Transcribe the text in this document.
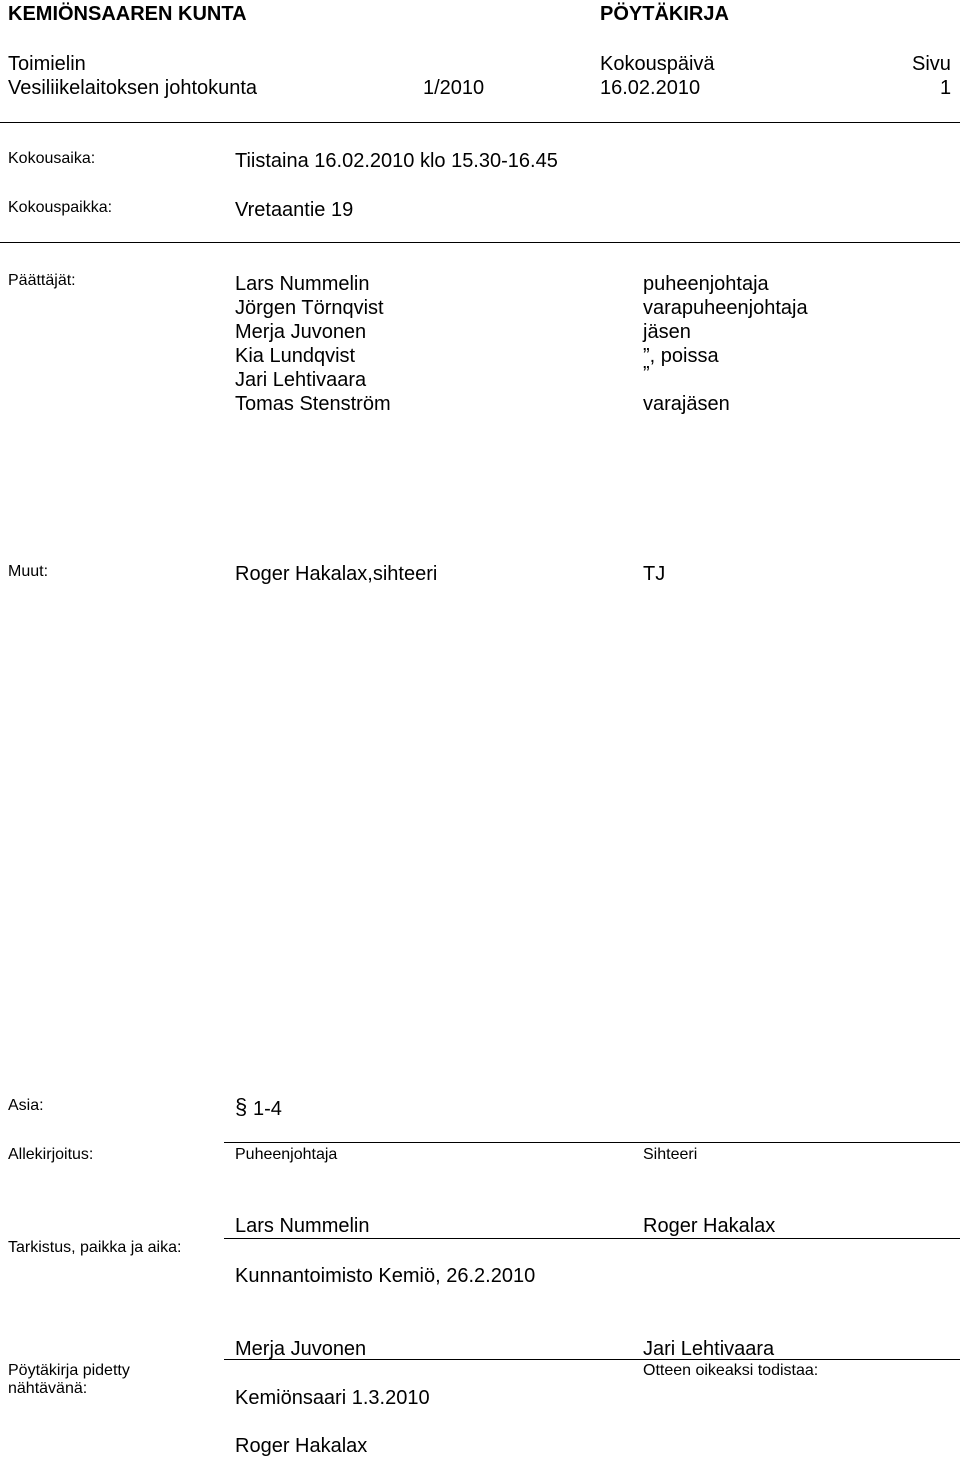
KEMIÖNSAAREN KUNTA	PÖYTÄKIRJA
Toimielin	Kokouspäivä	Sivu
Vesiliikelaitoksen johtokunta	1/2010	16.02.2010	1
Kokousaika:	Tiistaina 16.02.2010 klo 15.30-16.45
Kokouspaikka:	Vretaantie 19
Päättäjät:	Lars Nummelin	puheenjohtaja
Jörgen Törnqvist	varapuheenjohtaja
Merja Juvonen	jäsen
Kia Lundqvist	”, poissa
Jari Lehtivaara	”
Tomas Stenström	varajäsen
Muut:	Roger Hakalax,sihteeri	TJ
Asia:	§ 1-4
Allekirjoitus:	Puheenjohtaja	Sihteeri
Lars Nummelin	Roger Hakalax
Tarkistus, paikka ja aika:
Kunnantoimisto Kemiö, 26.2.2010
Merja Juvonen	Jari Lehtivaara
Pöytäkirja pidetty
nähtävänä:
Otteen oikeaksi todistaa:
Kemiönsaari 1.3.2010
Roger Hakalax
